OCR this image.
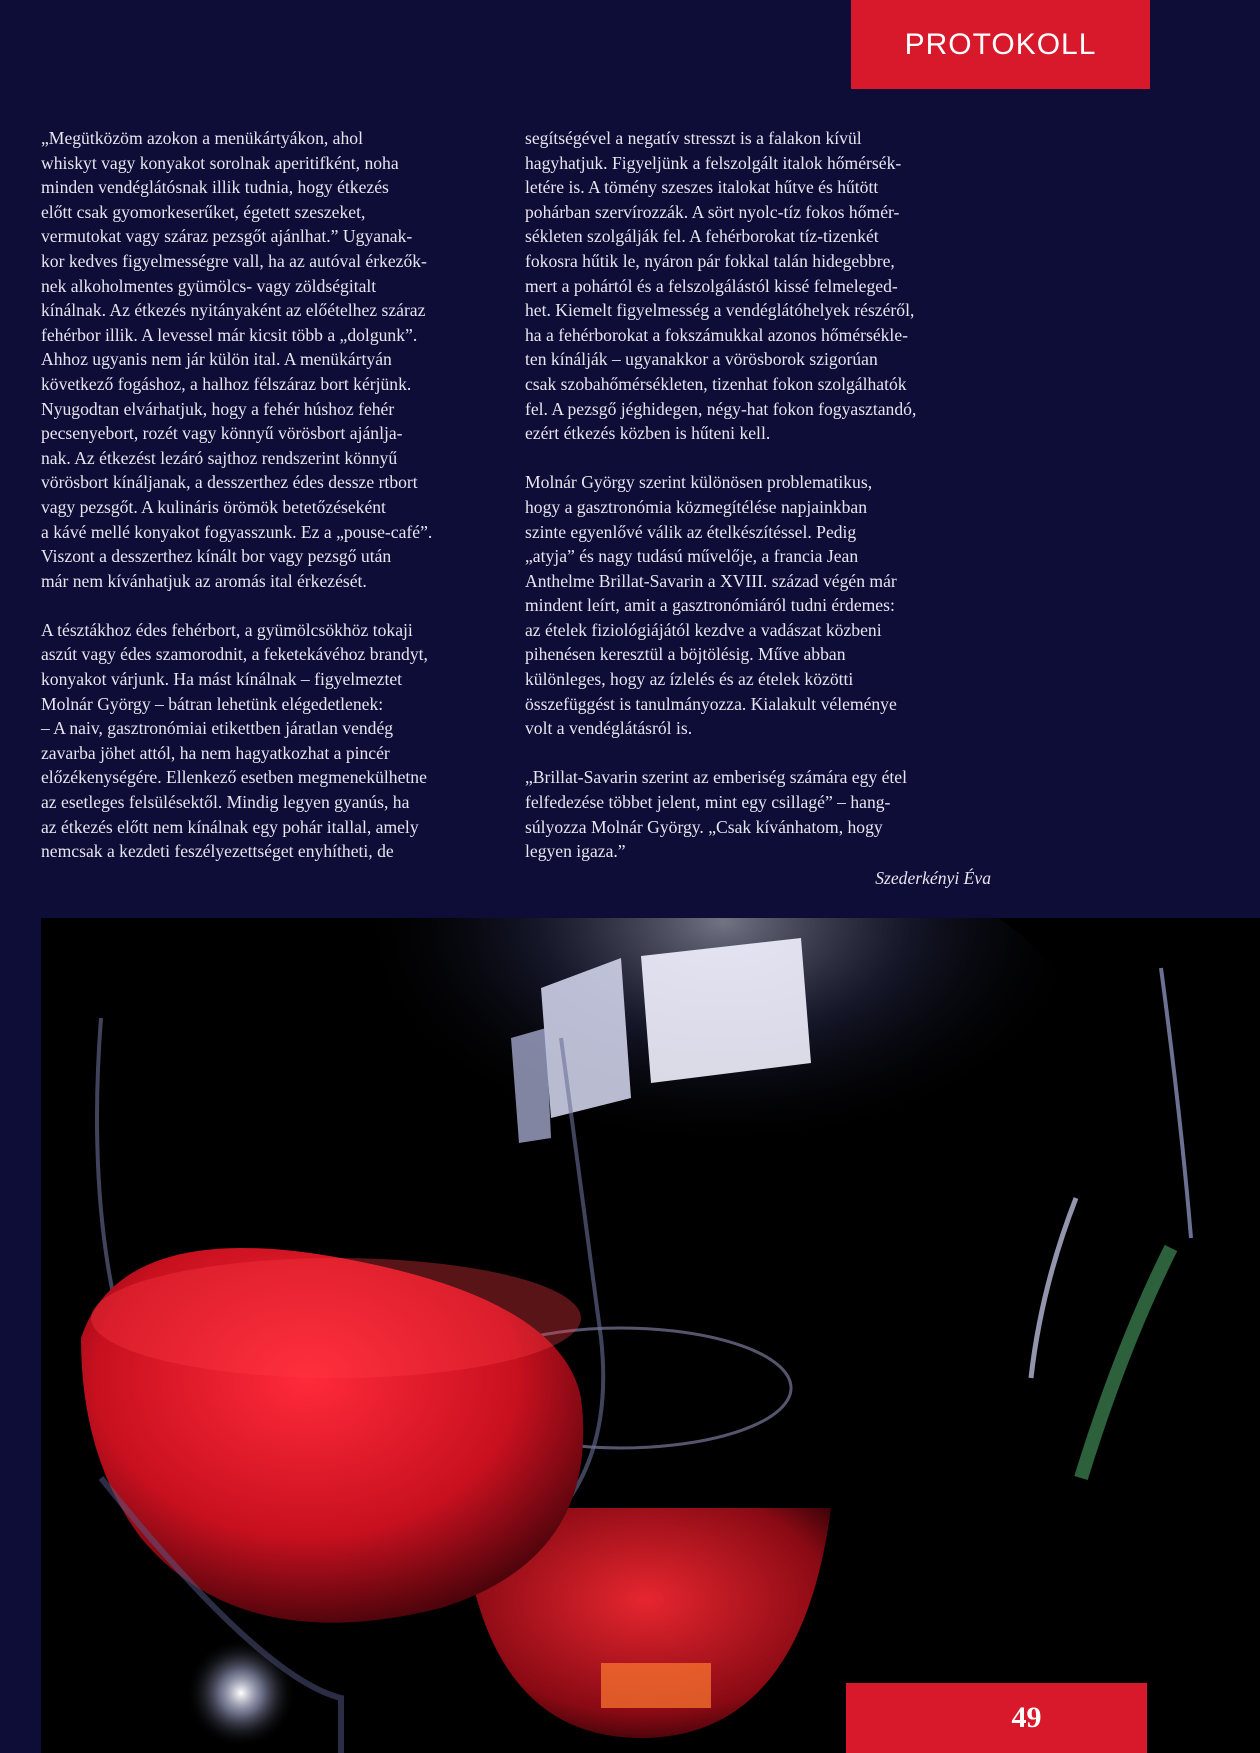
PROTOKOLL

„Megütközöm azokon a menükártyákon, ahol
whiskyt vagy konyakot sorolnak aperitifként, noha
minden vendéglátósnak illik tudnia, hogy étkezés
előtt csak gyomorkeserűket, égetett szeszeket,
vermutokat vagy száraz pezsgőt ajánlhat.” Ugyanak-
kor kedves figyelmességre vall, ha az autóval érkezők-
nek alkoholmentes gyümölcs- vagy zöldségitalt
kínálnak. Az étkezés nyitányaként az előételhez száraz
fehérbor illik. A levessel már kicsit több a „dolgunk”.
Ahhoz ugyanis nem jár külön ital. A menükártyán
következő fogáshoz, a halhoz félszáraz bort kérjünk.
Nyugodtan elvárhatjuk, hogy a fehér húshoz fehér
pecsenyebort, rozét vagy könnyű vörösbort ajánlja-
nak. Az étkezést lezáró sajthoz rendszerint könnyű
vörösbort kínáljanak, a desszerthez édes dessze rtbort
vagy pezsgőt. A kulináris örömök betetőzéseként
a kávé mellé konyakot fogyasszunk. Ez a „pouse-café”.
Viszont a desszerthez kínált bor vagy pezsgő után
már nem kívánhatjuk az aromás ital érkezését.

A tésztákhoz édes fehérbort, a gyümölcsökhöz tokaji
aszút vagy édes szamorodnit, a feketekávéhoz brandyt,
konyakot várjunk. Ha mást kínálnak – figyelmeztet
Molnár György – bátran lehetünk elégedetlenek:
– A naiv, gasztronómiai etikettben járatlan vendég
zavarba jöhet attól, ha nem hagyatkozhat a pincér
előzékenységére. Ellenkező esetben megmenekülhetne
az esetleges felsülésektől. Mindig legyen gyanús, ha
az étkezés előtt nem kínálnak egy pohár itallal, amely
nemcsak a kezdeti feszélyezettséget enyhítheti, de

segítségével a negatív stresszt is a falakon kívül
hagyhatjuk. Figyeljünk a felszolgált italok hőmérsék-
letére is. A tömény szeszes italokat hűtve és hűtött
pohárban szervírozzák. A sört nyolc-tíz fokos hőmér-
sékleten szolgálják fel. A fehérborokat tíz-tizenkét
fokosra hűtik le, nyáron pár fokkal talán hidegebbre,
mert a pohártól és a felszolgálástól kissé felmeleged-
het. Kiemelt figyelmesség a vendéglátóhelyek részéről,
ha a fehérborokat a fokszámukkal azonos hőmérsékle-
ten kínálják – ugyanakkor a vörösborok szigorúan
csak szobahőmérsékleten, tizenhat fokon szolgálhatók
fel. A pezsgő jéghidegen, négy-hat fokon fogyasztandó,
ezért étkezés közben is hűteni kell.

Molnár György szerint különösen problematikus,
hogy a gasztronómia közmegítélése napjainkban
szinte egyenlővé válik az ételkészítéssel. Pedig
„atyja” és nagy tudású művelője, a francia Jean
Anthelme Brillat-Savarin a XVIII. század végén már
mindent leírt, amit a gasztronómiáról tudni érdemes:
az ételek fiziológiájától kezdve a vadászat közbeni
pihenésen keresztül a böjtölésig. Műve abban
különleges, hogy az ízlelés és az ételek közötti
összefüggést is tanulmányozza. Kialakult véleménye
volt a vendéglátásról is.

„Brillat-Savarin szerint az emberiség számára egy étel
felfedezése többet jelent, mint egy csillagé” – hang-
súlyozza Molnár György. „Csak kívánhatom, hogy
legyen igaza.”

Szederkényi Éva

49
